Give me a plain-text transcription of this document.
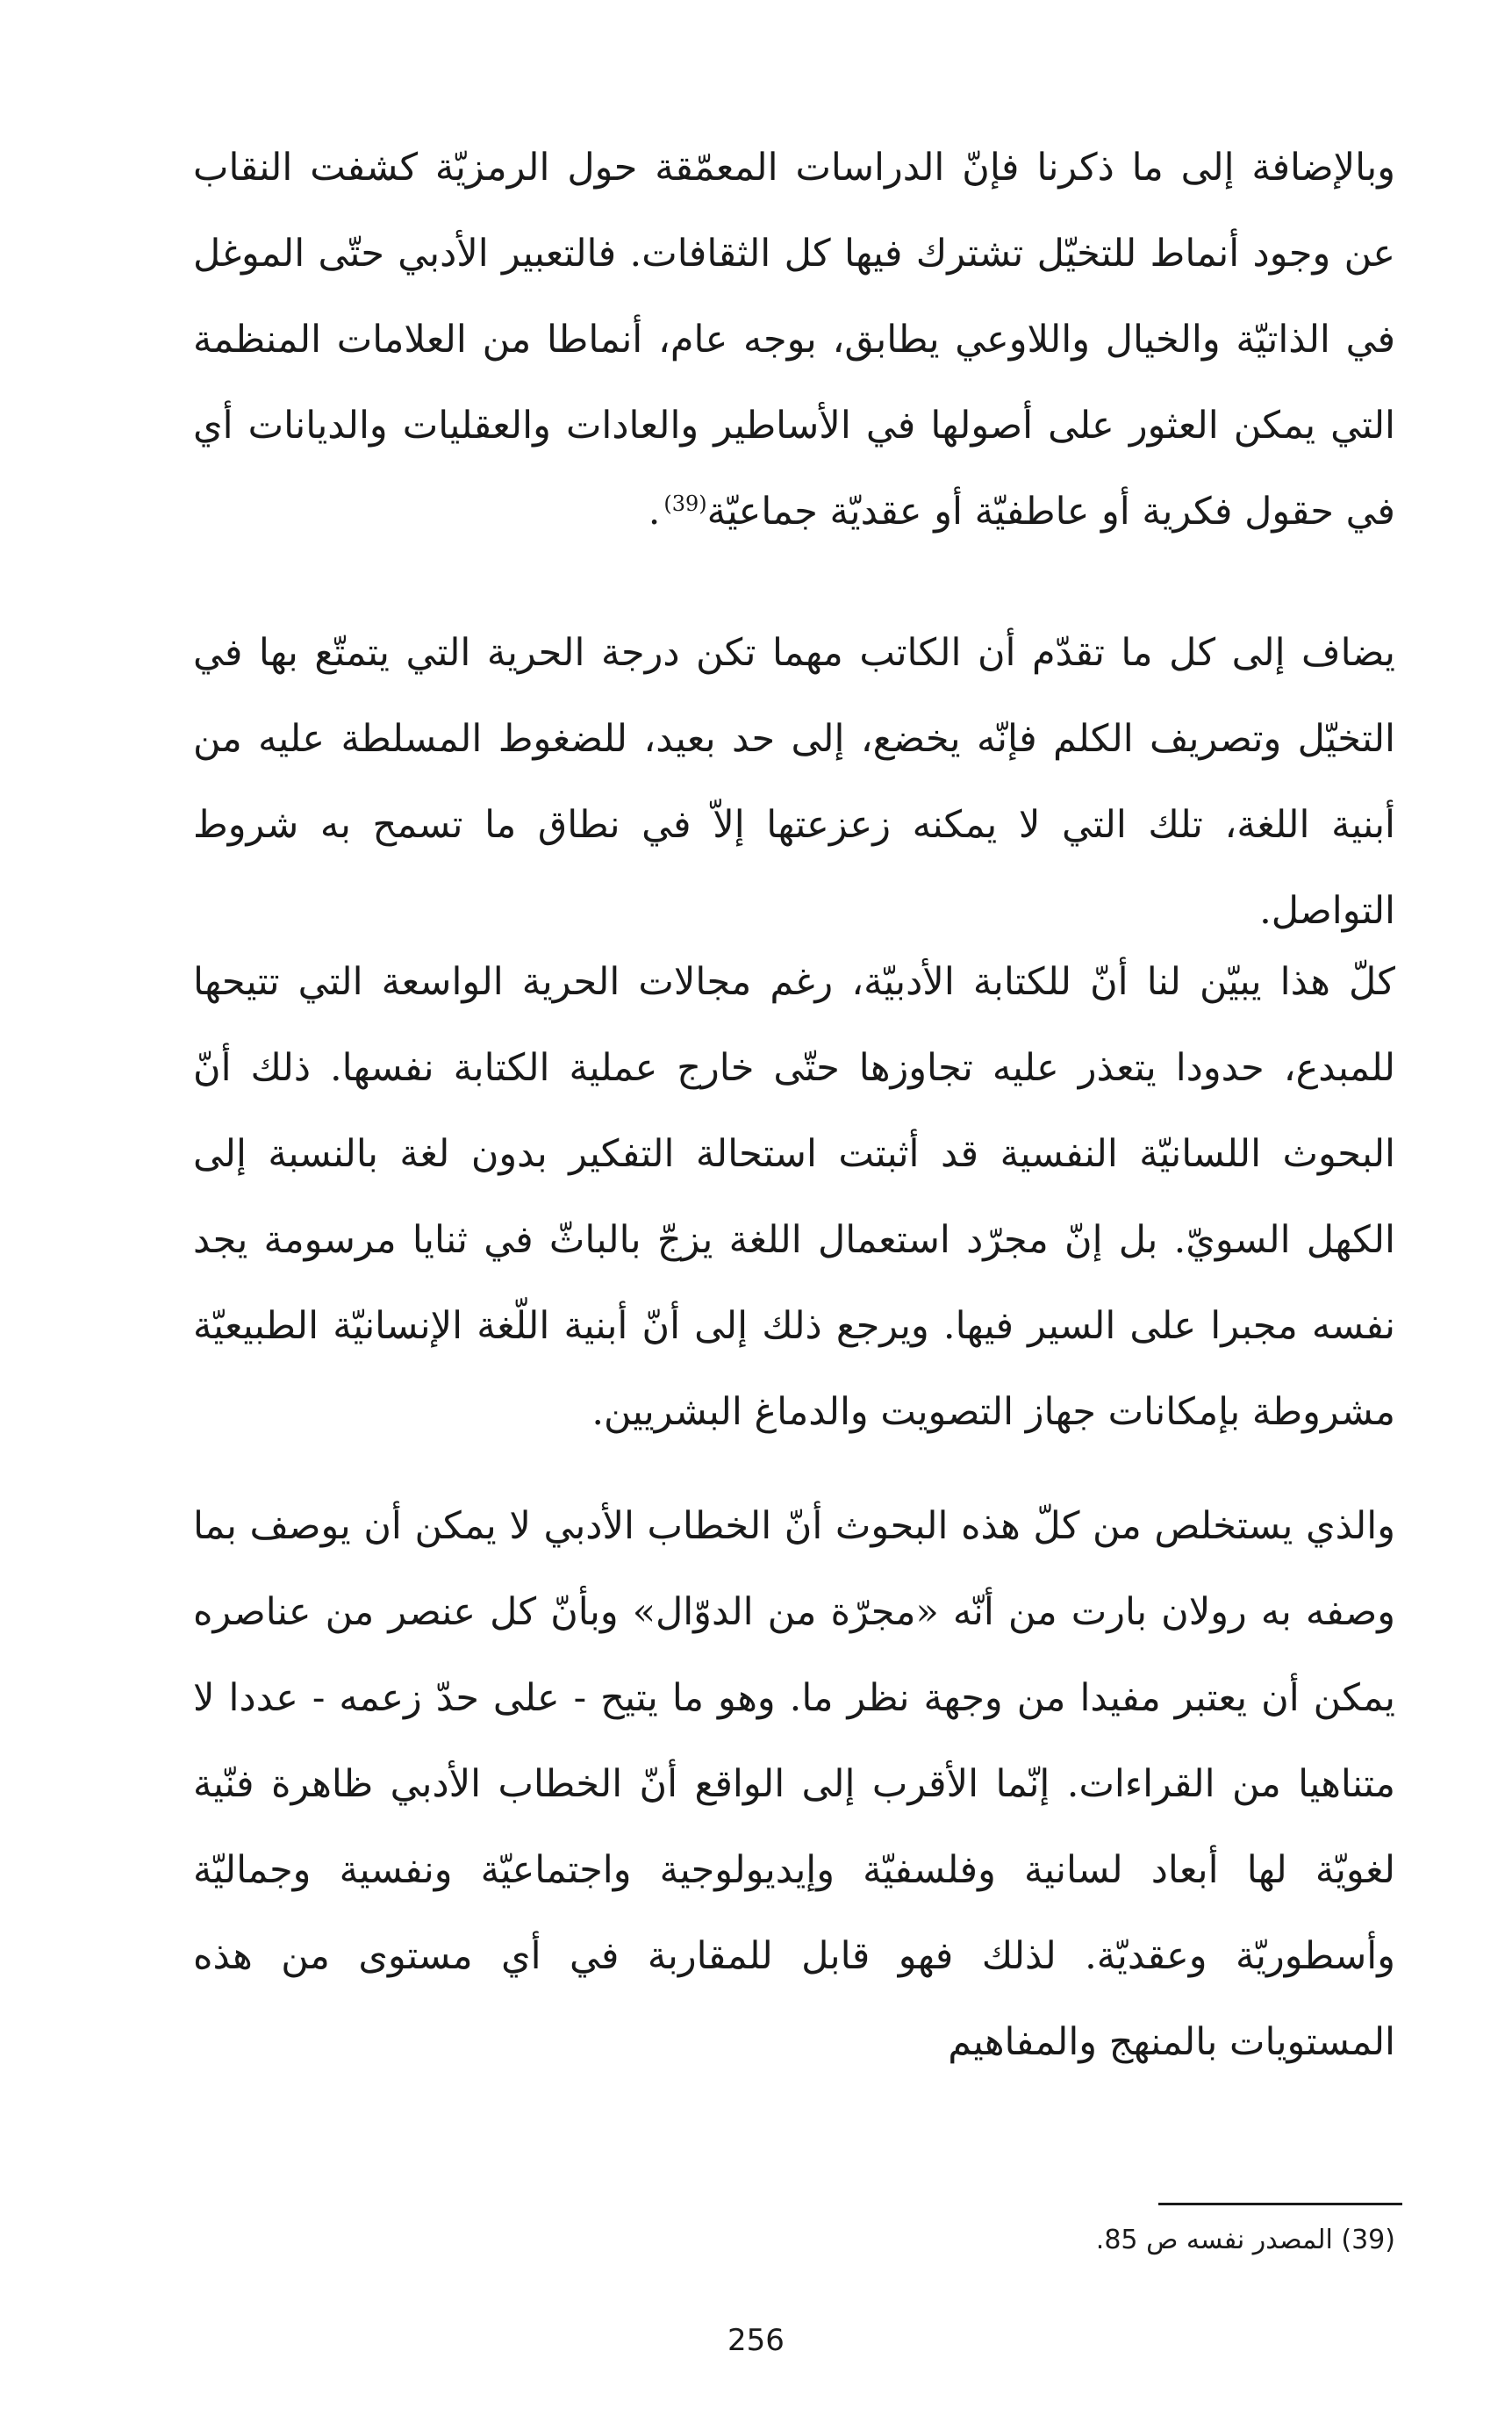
وبالإضافة إلى ما ذكرنا فإنّ الدراسات المعمّقة حول الرمزيّة كشفت النقاب عن وجود أنماط للتخيّل تشترك فيها كل الثقافات. فالتعبير الأدبي حتّى الموغل في الذاتيّة والخيال واللاوعي يطابق، بوجه عام، أنماطا من العلامات المنظمة التي يمكن العثور على أصولها في الأساطير والعادات والعقليات والديانات أي في حقول فكرية أو عاطفيّة أو عقديّة جماعيّة$^{(39)}$.

يضاف إلى كل ما تقدّم أن الكاتب مهما تكن درجة الحرية التي يتمتّع بها في التخيّل وتصريف الكلم فإنّه يخضع، إلى حد بعيد، للضغوط المسلطة عليه من أبنية اللغة، تلك التي لا يمكنه زعزعتها إلاّ في نطاق ما تسمح به شروط التواصل.

كلّ هذا يبيّن لنا أنّ للكتابة الأدبيّة، رغم مجالات الحرية الواسعة التي تتيحها للمبدع، حدودا يتعذر عليه تجاوزها حتّى خارج عملية الكتابة نفسها. ذلك أنّ البحوث اللسانيّة النفسية قد أثبتت استحالة التفكير بدون لغة بالنسبة إلى الكهل السويّ. بل إنّ مجرّد استعمال اللغة يزجّ بالباثّ في ثنايا مرسومة يجد نفسه مجبرا على السير فيها. ويرجع ذلك إلى أنّ أبنية اللّغة الإنسانيّة الطبيعيّة مشروطة بإمكانات جهاز التصويت والدماغ البشريين.

والذي يستخلص من كلّ هذه البحوث أنّ الخطاب الأدبي لا يمكن أن يوصف بما وصفه به رولان بارت من أنّه «مجرّة من الدوّال» وبأنّ كل عنصر من عناصره يمكن أن يعتبر مفيدا من وجهة نظر ما. وهو ما يتيح - على حدّ زعمه - عددا لا متناهيا من القراءات. إنّما الأقرب إلى الواقع أنّ الخطاب الأدبي ظاهرة فنّية لغويّة لها أبعاد لسانية وفلسفيّة وإيديولوجية واجتماعيّة ونفسية وجماليّة وأسطوريّة وعقديّة. لذلك فهو قابل للمقاربة في أي مستوى من هذه المستويات بالمنهج والمفاهيم

(39) المصدر نفسه ص 85.
256
